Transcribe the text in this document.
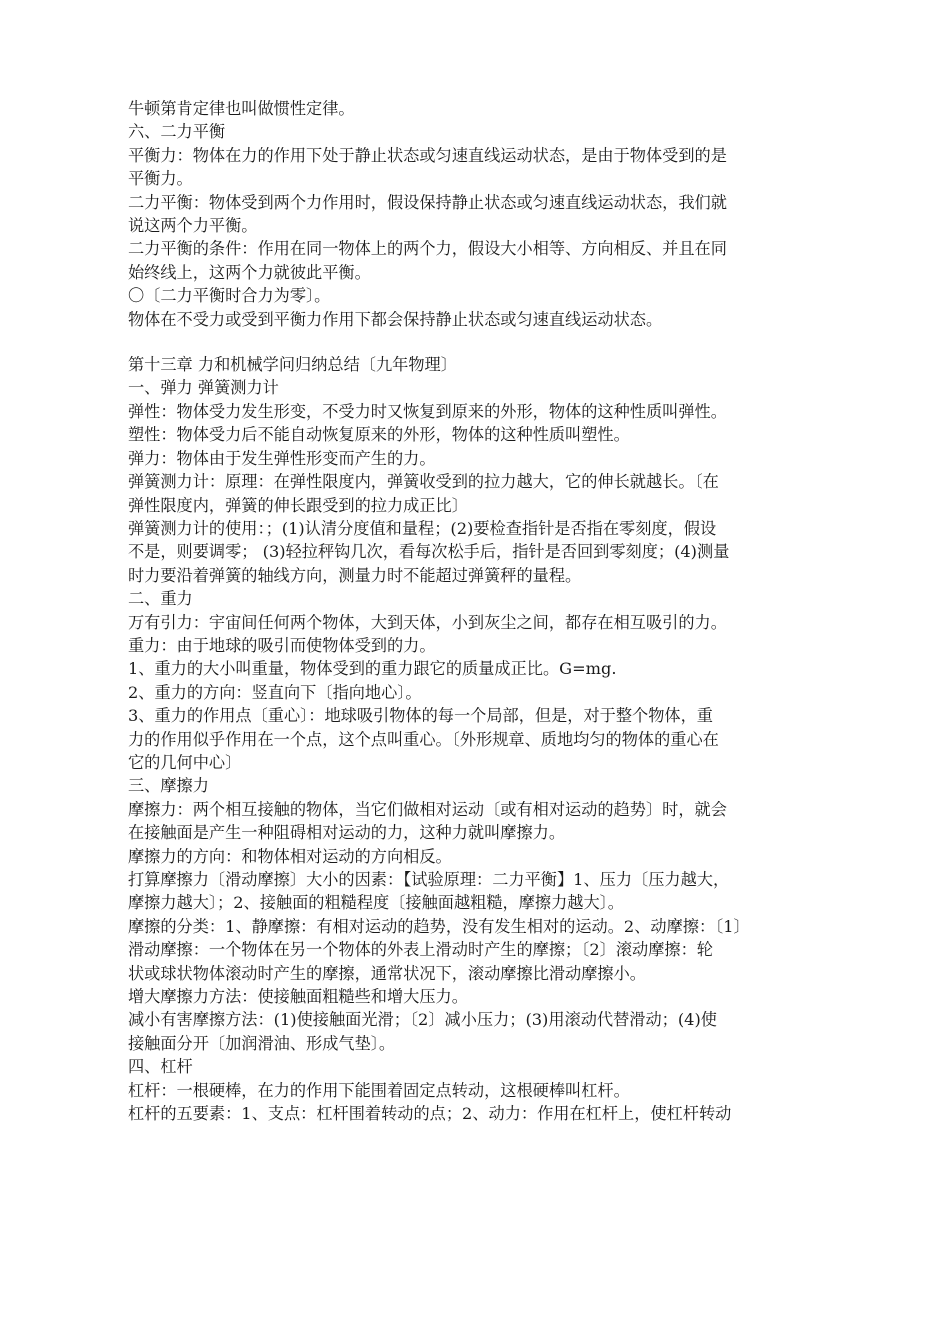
牛顿第肯定律也叫做惯性定律。
六、二力平衡
平衡力：物体在力的作用下处于静止状态或匀速直线运动状态，是由于物体受到的是
平衡力。
二力平衡：物体受到两个力作用时，假设保持静止状态或匀速直线运动状态，我们就
说这两个力平衡。
二力平衡的条件：作用在同一物体上的两个力，假设大小相等、方向相反、并且在同
始终线上，这两个力就彼此平衡。
〇〔二力平衡时合力为零〕。
物体在不受力或受到平衡力作用下都会保持静止状态或匀速直线运动状态。
第十三章 力和机械学问归纳总结〔九年物理〕
一、弹力 弹簧测力计
弹性：物体受力发生形变，不受力时又恢复到原来的外形，物体的这种性质叫弹性。
塑性：物体受力后不能自动恢复原来的外形，物体的这种性质叫塑性。
弹力：物体由于发生弹性形变而产生的力。
弹簧测力计：原理：在弹性限度内，弹簧收受到的拉力越大，它的伸长就越长。〔在
弹性限度内，弹簧的伸长跟受到的拉力成正比〕
弹簧测力计的使用：；(1)认清分度值和量程；(2)要检查指针是否指在零刻度，假设
不是，则要调零； (3)轻拉秤钩几次，看每次松手后，指针是否回到零刻度；(4)测量
时力要沿着弹簧的轴线方向，测量力时不能超过弹簧秤的量程。
二、重力
万有引力：宇宙间任何两个物体，大到天体，小到灰尘之间，都存在相互吸引的力。
重力：由于地球的吸引而使物体受到的力。
1、重力的大小叫重量，物体受到的重力跟它的质量成正比。G=mg.
2、重力的方向：竖直向下〔指向地心〕。
3、重力的作用点〔重心〕：地球吸引物体的每一个局部，但是，对于整个物体，重
力的作用似乎作用在一个点，这个点叫重心。〔外形规章、质地均匀的物体的重心在
它的几何中心〕
三、摩擦力
摩擦力：两个相互接触的物体，当它们做相对运动〔或有相对运动的趋势〕时，就会
在接触面是产生一种阻碍相对运动的力，这种力就叫摩擦力。
摩擦力的方向：和物体相对运动的方向相反。
打算摩擦力〔滑动摩擦〕大小的因素：【试验原理：二力平衡】1、压力〔压力越大，
摩擦力越大〕；2、接触面的粗糙程度〔接触面越粗糙，摩擦力越大〕。
摩擦的分类：1、静摩擦：有相对运动的趋势，没有发生相对的运动。2、动摩擦：〔1〕
滑动摩擦：一个物体在另一个物体的外表上滑动时产生的摩擦；〔2〕滚动摩擦：轮
状或球状物体滚动时产生的摩擦，通常状况下，滚动摩擦比滑动摩擦小。
增大摩擦力方法：使接触面粗糙些和增大压力。
减小有害摩擦方法：(1)使接触面光滑；〔2〕减小压力；(3)用滚动代替滑动；(4)使
接触面分开〔加润滑油、形成气垫〕。
四、杠杆
杠杆：一根硬棒，在力的作用下能围着固定点转动，这根硬棒叫杠杆。
杠杆的五要素：1、支点：杠杆围着转动的点；2、动力：作用在杠杆上，使杠杆转动
